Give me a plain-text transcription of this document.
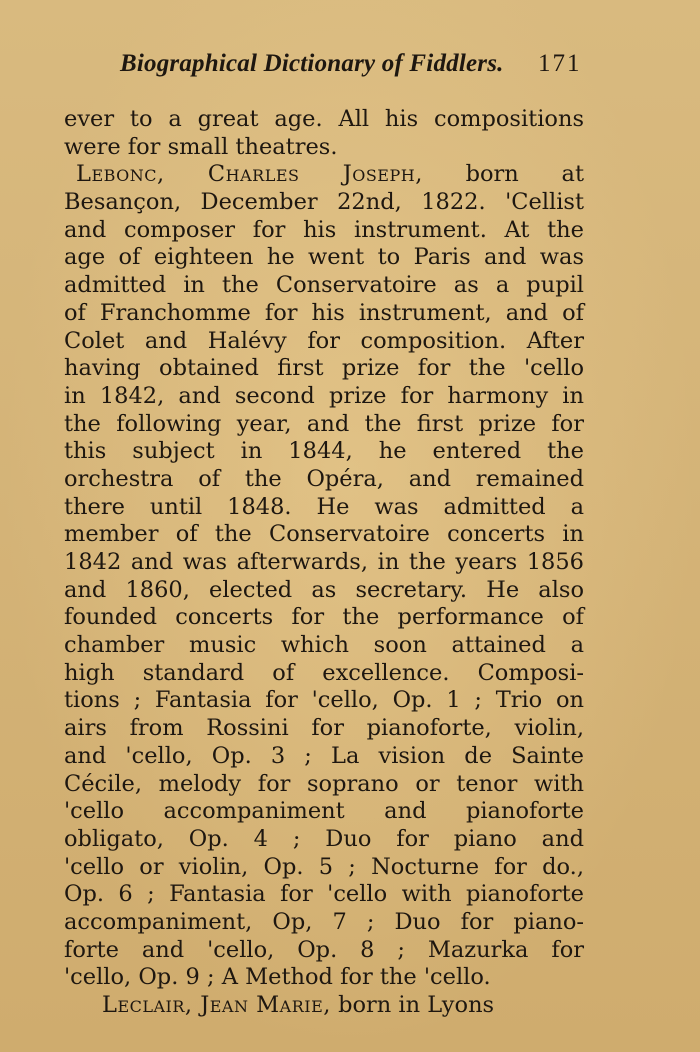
Biographical Dictionary of Fiddlers. 171
ever to a great age. All his compositions
were for small theatres.
Lebonc, Charles Joseph, born at
Besançon, December 22nd, 1822. 'Cellist
and composer for his instrument. At the
age of eighteen he went to Paris and was
admitted in the Conservatoire as a pupil
of Franchomme for his instrument, and of
Colet and Halévy for composition. After
having obtained first prize for the 'cello
in 1842, and second prize for harmony in
the following year, and the first prize for
this subject in 1844, he entered the
orchestra of the Opéra, and remained
there until 1848. He was admitted a
member of the Conservatoire concerts in
1842 and was afterwards, in the years 1856
and 1860, elected as secretary. He also
founded concerts for the performance of
chamber music which soon attained a
high standard of excellence. Composi-
tions ; Fantasia for 'cello, Op. 1 ; Trio on
airs from Rossini for pianoforte, violin,
and 'cello, Op. 3 ; La vision de Sainte
Cécile, melody for soprano or tenor with
'cello accompaniment and pianoforte
obligato, Op. 4 ; Duo for piano and
'cello or violin, Op. 5 ; Nocturne for do.,
Op. 6 ; Fantasia for 'cello with pianoforte
accompaniment, Op, 7 ; Duo for piano-
forte and 'cello, Op. 8 ; Mazurka for
'cello, Op. 9 ; A Method for the 'cello.
Leclair, Jean Marie, born in Lyons
